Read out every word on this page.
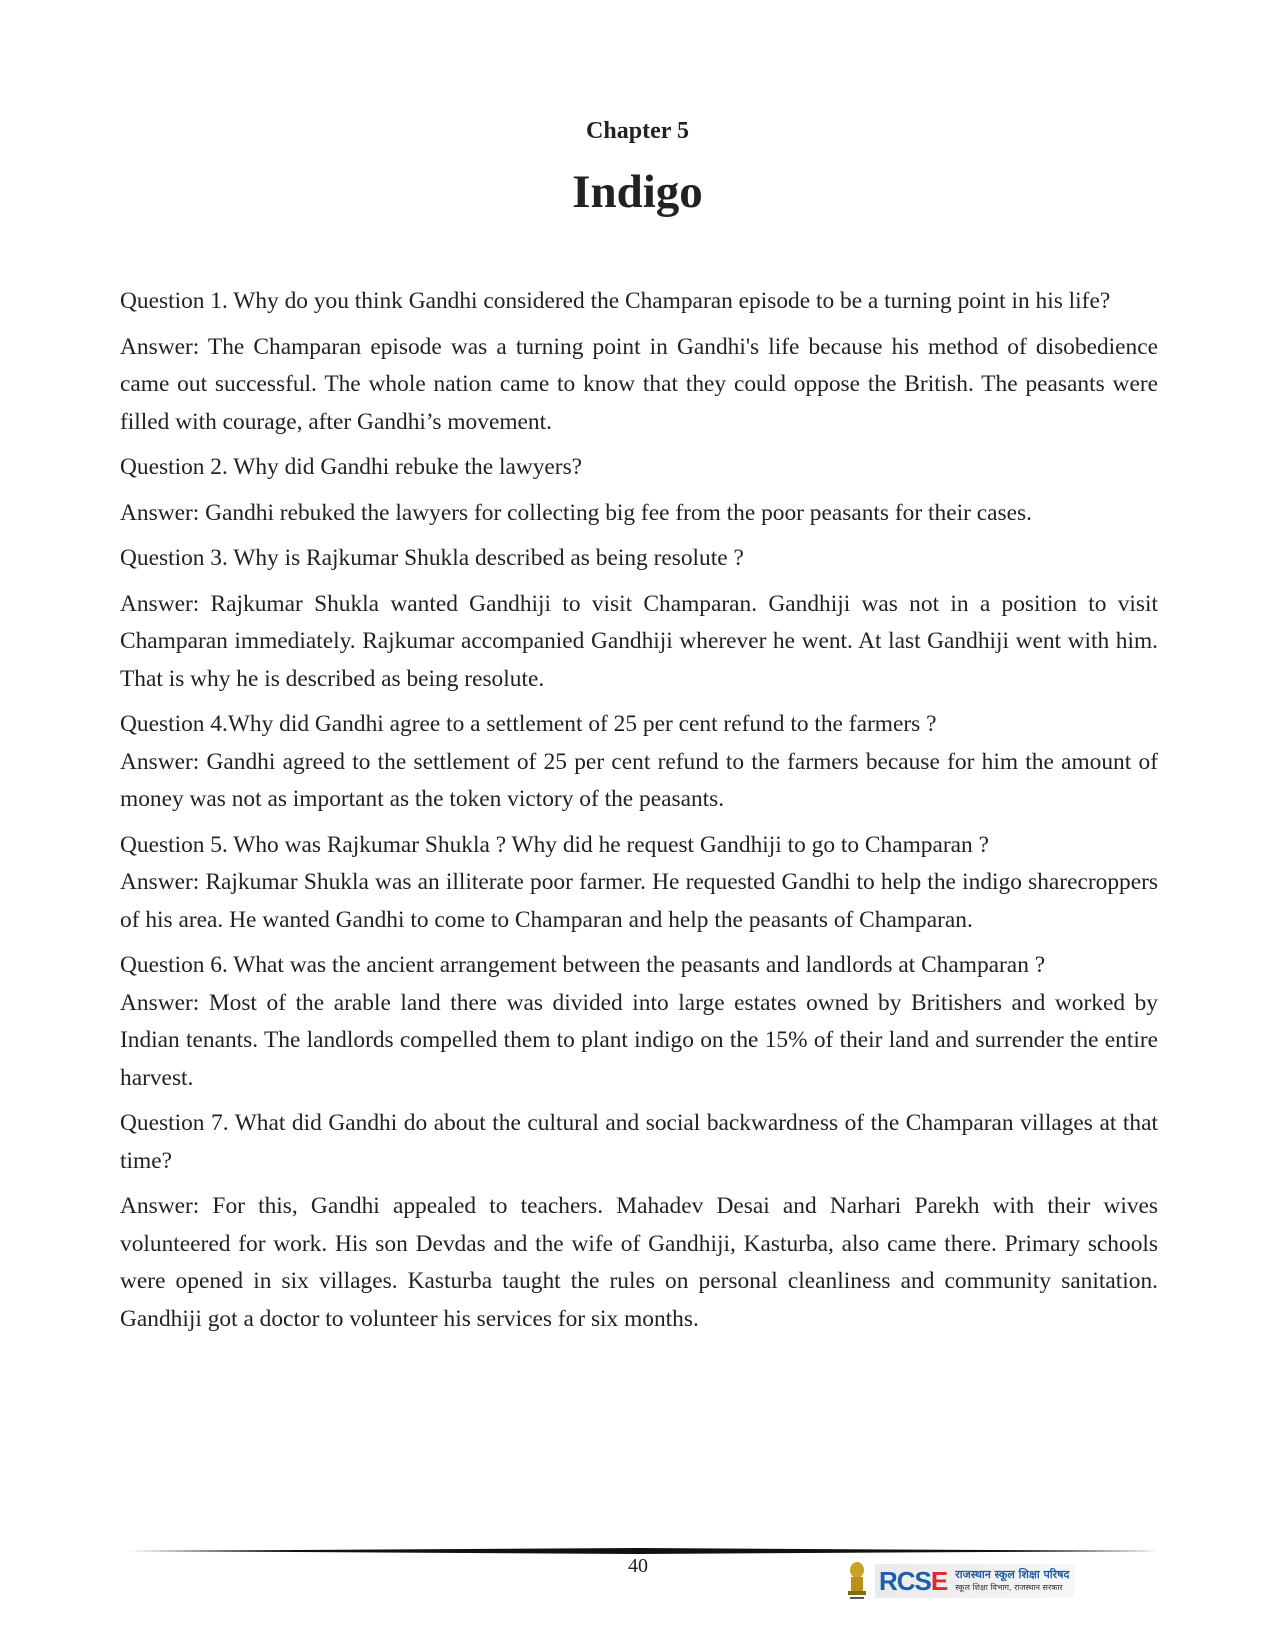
Chapter 5
Indigo

Question 1. Why do you think Gandhi considered the Champaran episode to be a turning point in his life?

Answer: The Champaran episode was a turning point in Gandhi's life because his method of disobedience came out successful. The whole nation came to know that they could oppose the British. The peasants were filled with courage, after Gandhi’s movement.

Question 2. Why did Gandhi rebuke the lawyers?

Answer: Gandhi rebuked the lawyers for collecting big fee from the poor peasants for their cases.

Question 3. Why is Rajkumar Shukla described as being resolute ?

Answer: Rajkumar Shukla wanted Gandhiji to visit Champaran. Gandhiji was not in a position to visit Champaran immediately. Rajkumar accompanied Gandhiji wherever he went. At last Gandhiji went with him. That is why he is described as being resolute.

Question 4.Why did Gandhi agree to a settlement of 25 per cent refund to the farmers ?

Answer: Gandhi agreed to the settlement of 25 per cent refund to the farmers because for him the amount of money was not as important as the token victory of the peasants.

Question 5. Who was Rajkumar Shukla ? Why did he request Gandhiji to go to Champaran ?

Answer: Rajkumar Shukla was an illiterate poor farmer. He requested Gandhi to help the indigo sharecroppers of his area. He wanted Gandhi to come to Champaran and help the peasants of Champaran.

Question 6. What was the ancient arrangement between the peasants and landlords at Champaran ?

Answer: Most of the arable land there was divided into large estates owned by Britishers and worked by Indian tenants. The landlords compelled them to plant indigo on the 15% of their land and surrender the entire harvest.

Question 7. What did Gandhi do about the cultural and social backwardness of the Champaran villages at that time?

Answer: For this, Gandhi appealed to teachers. Mahadev Desai and Narhari Parekh with their wives volunteered for work. His son Devdas and the wife of Gandhiji, Kasturba, also came there. Primary schools were opened in six villages. Kasturba taught the rules on personal cleanliness and community sanitation. Gandhiji got a doctor to volunteer his services for six months.

40	RCSE राजस्थान स्कूल शिक्षा परिषद
स्कूल शिक्षा विभाग, राजस्थान सरकार
